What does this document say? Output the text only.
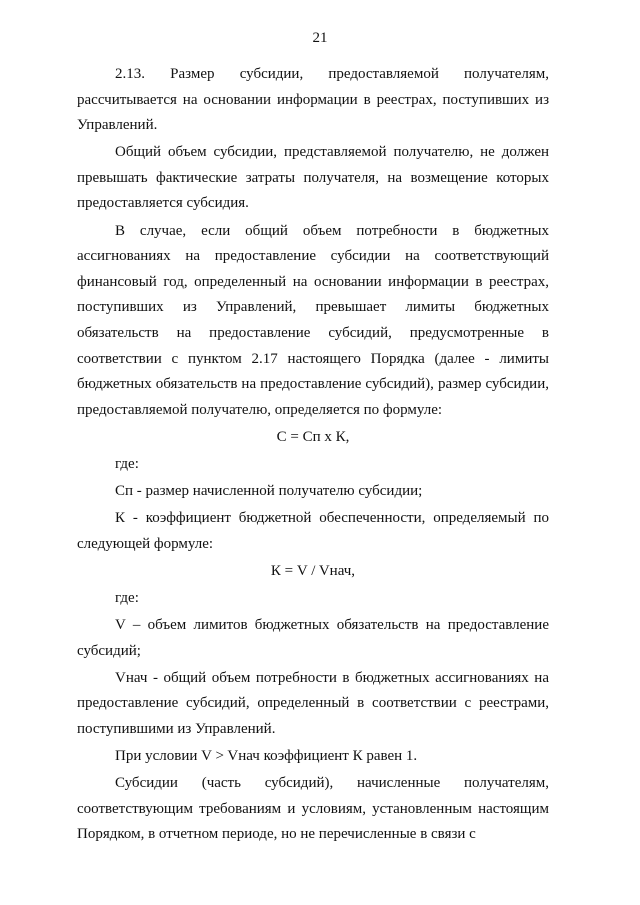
21

2.13. Размер субсидии, предоставляемой получателям, рассчитывается на основании информации в реестрах, поступивших из Управлений.

Общий объем субсидии, представляемой получателю, не должен превышать фактические затраты получателя, на возмещение которых предоставляется субсидия.

В случае, если общий объем потребности в бюджетных ассигнованиях на предоставление субсидии на соответствующий финансовый год, определенный на основании информации в реестрах, поступивших из Управлений, превышает лимиты бюджетных обязательств на предоставление субсидий, предусмотренные в соответствии с пунктом 2.17 настоящего Порядка (далее - лимиты бюджетных обязательств на предоставление субсидий), размер субсидии, предоставляемой получателю, определяется по формуле:

С = Сп х К,

где:

Сп - размер начисленной получателю субсидии;

К - коэффициент бюджетной обеспеченности, определяемый по следующей формуле:

К = V / Vнач,

где:

V – объем лимитов бюджетных обязательств на предоставление субсидий;

Vнач - общий объем потребности в бюджетных ассигнованиях на предоставление субсидий, определенный в соответствии с реестрами, поступившими из Управлений.

При условии V > Vнач коэффициент К равен 1.

Субсидии (часть субсидий), начисленные получателям, соответствующим требованиям и условиям, установленным настоящим Порядком, в отчетном периоде, но не перечисленные в связи с
